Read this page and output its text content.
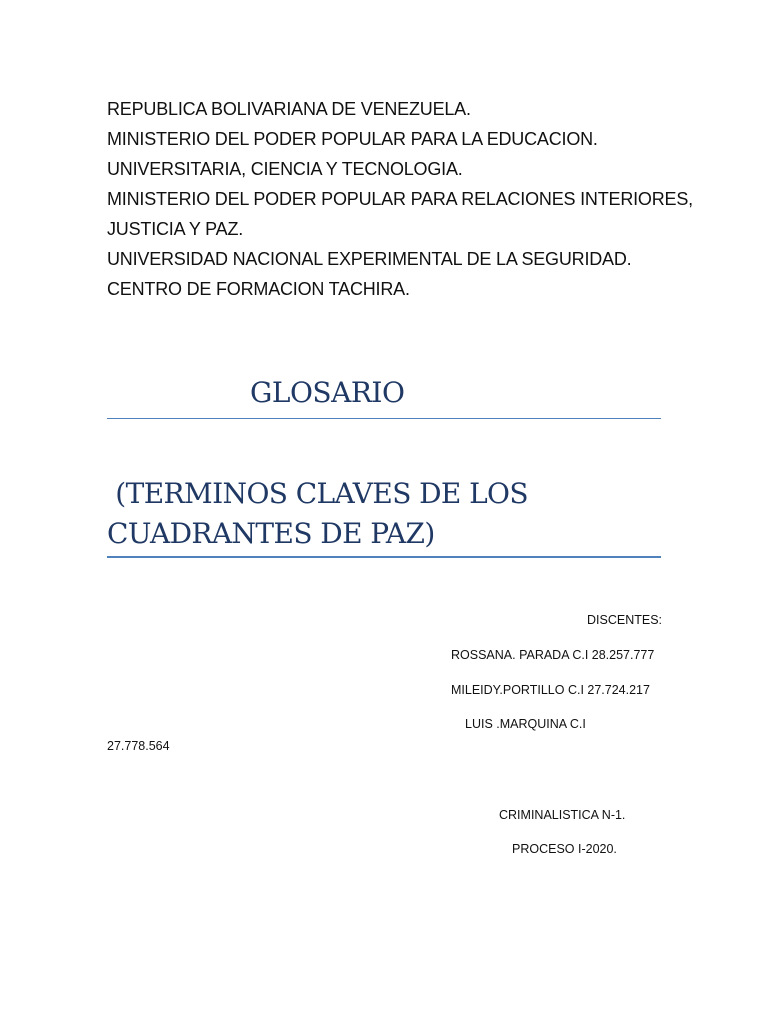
REPUBLICA BOLIVARIANA DE VENEZUELA.
MINISTERIO DEL PODER POPULAR PARA LA EDUCACION.
UNIVERSITARIA, CIENCIA Y TECNOLOGIA.
MINISTERIO DEL PODER POPULAR PARA RELACIONES INTERIORES,
JUSTICIA Y PAZ.
UNIVERSIDAD NACIONAL EXPERIMENTAL DE LA SEGURIDAD.
CENTRO DE FORMACION TACHIRA.
GLOSARIO
(TERMINOS CLAVES DE LOS
CUADRANTES DE PAZ)
DISCENTES:
ROSSANA. PARADA C.I 28.257.777
MILEIDY.PORTILLO C.I 27.724.217
LUIS .MARQUINA C.I
27.778.564
CRIMINALISTICA N-1.
PROCESO I-2020.
